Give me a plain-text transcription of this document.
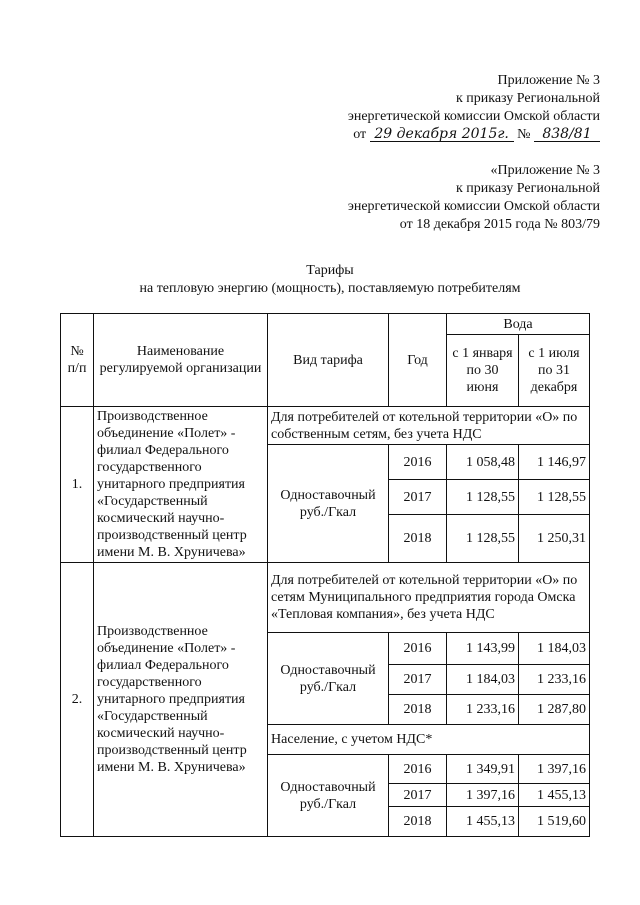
Приложение № 3
к приказу Региональной
энергетической комиссии Омской области
от 29 декабря 2015г. № 838/81
«Приложение № 3
к приказу Региональной
энергетической комиссии Омской области
от 18 декабря 2015 года № 803/79
Тарифы
на тепловую энергию (мощность), поставляемую потребителям
№ п/п	Наименование регулируемой организации	Вид тарифа	Год	Вода	
				с 1 января по 30 июня	с 1 июля по 31 декабря
1.	Производственное объединение «Полет» - филиал Федерального государственного унитарного предприятия «Государственный космический научно-производственный центр имени М. В. Хруничева»	Для потребителей от котельной территории «О» по собственным сетям, без учета НДС			
		Одноставочный руб./Гкал	2016	1 058,48	1 146,97
			2017	1 128,55	1 128,55
			2018	1 128,55	1 250,31
2.	Производственное объединение «Полет» - филиал Федерального государственного унитарного предприятия «Государственный космический научно-производственный центр имени М. В. Хруничева»	Для потребителей от котельной территории «О» по сетям Муниципального предприятия города Омска «Тепловая компания», без учета НДС			
		Одноставочный руб./Гкал	2016	1 143,99	1 184,03
			2017	1 184,03	1 233,16
			2018	1 233,16	1 287,80
		Население, с учетом НДС*			
		Одноставочный руб./Гкал	2016	1 349,91	1 397,16
			2017	1 397,16	1 455,13
			2018	1 455,13	1 519,60
